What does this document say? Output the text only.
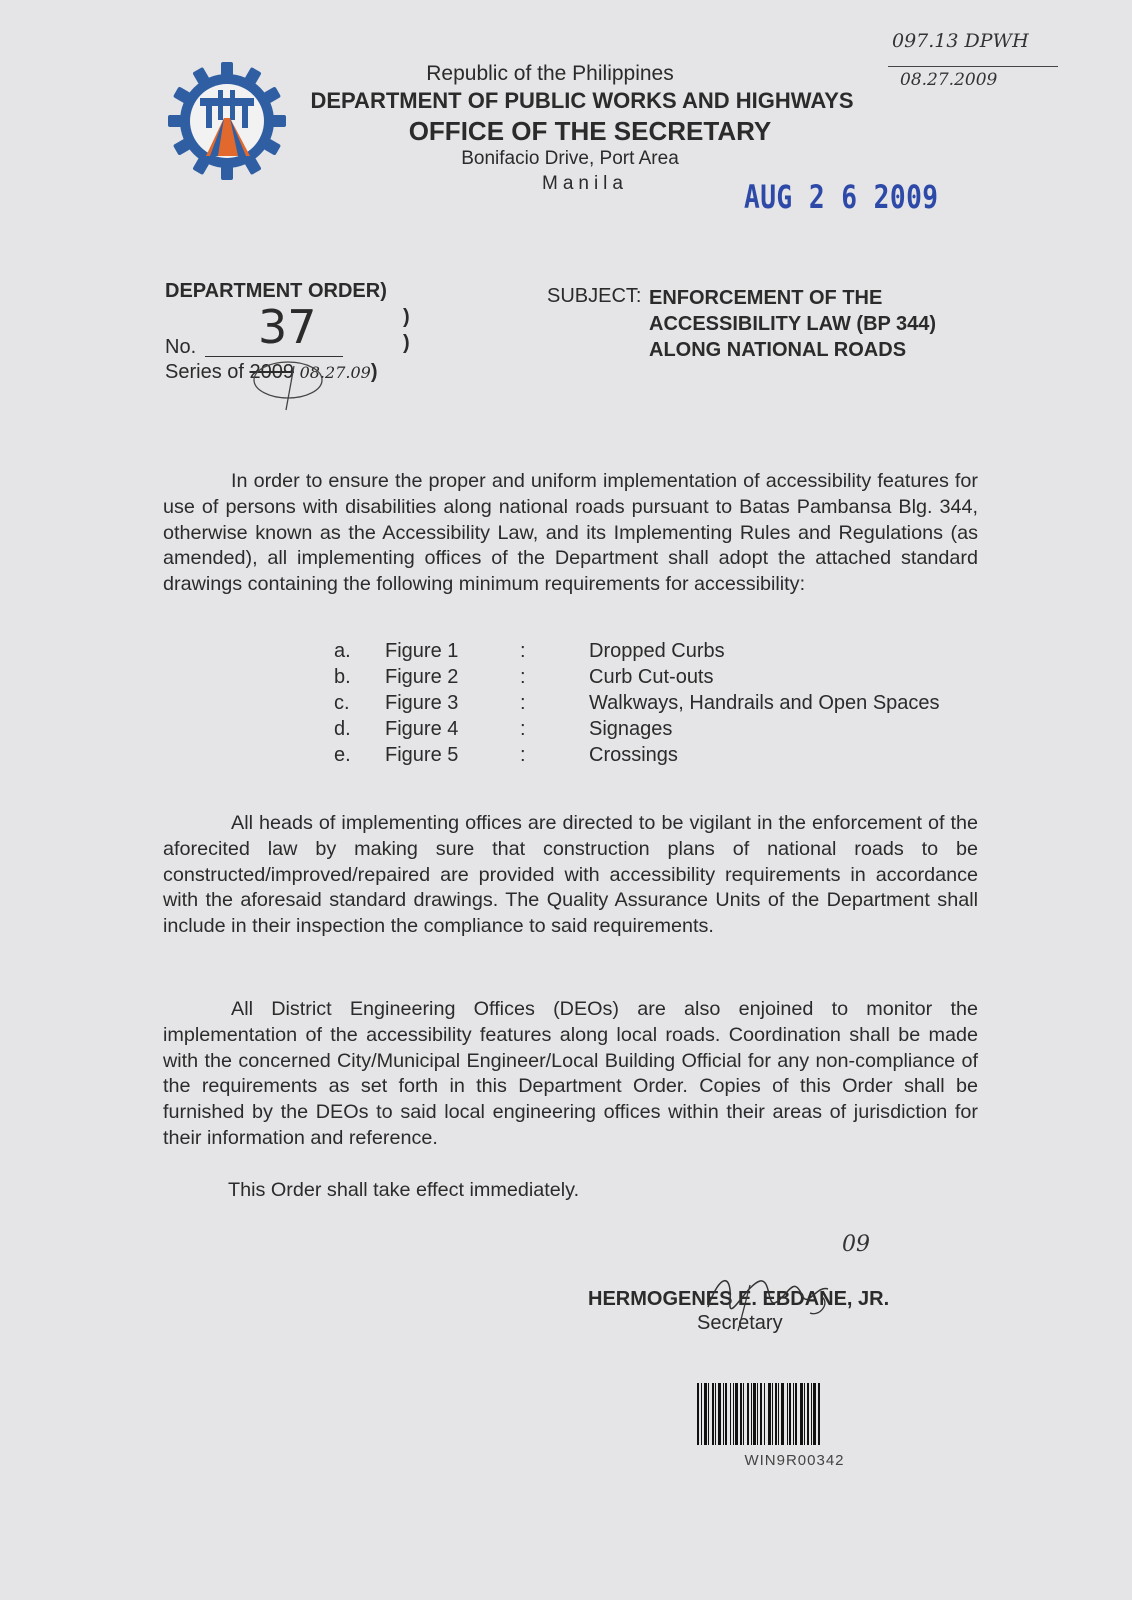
Republic of the Philippines
DEPARTMENT OF PUBLIC WORKS AND HIGHWAYS
OFFICE OF THE SECRETARY
Bonifacio Drive, Port Area
Manila	AUG 2 6 2009
097.13 DPWH
08.27.2009
DEPARTMENT ORDER)
)
)
No. 37
Series of 2009 08.27.09)
SUBJECT: ENFORCEMENT OF THE
ACCESSIBILITY LAW (BP 344)
ALONG NATIONAL ROADS
In order to ensure the proper and uniform implementation of accessibility features for use of persons with disabilities along national roads pursuant to Batas Pambansa Blg. 344, otherwise known as the Accessibility Law, and its Implementing Rules and Regulations (as amended), all implementing offices of the Department shall adopt the attached standard drawings containing the following minimum requirements for accessibility:
a. Figure 1	:	Dropped Curbs
b. Figure 2	:	Curb Cut-outs
c. Figure 3	:	Walkways, Handrails and Open Spaces
d. Figure 4	:	Signages
e. Figure 5	:	Crossings
All heads of implementing offices are directed to be vigilant in the enforcement of the aforecited law by making sure that construction plans of national roads to be constructed/improved/repaired are provided with accessibility requirements in accordance with the aforesaid standard drawings. The Quality Assurance Units of the Department shall include in their inspection the compliance to said requirements.
All District Engineering Offices (DEOs) are also enjoined to monitor the implementation of the accessibility features along local roads. Coordination shall be made with the concerned City/Municipal Engineer/Local Building Official for any non-compliance of the requirements as set forth in this Department Order. Copies of this Order shall be furnished by the DEOs to said local engineering offices within their areas of jurisdiction for their information and reference.
This Order shall take effect immediately.
HERMOGENES E. EBDANE, JR.
Secretary
09
WIN9R00342
